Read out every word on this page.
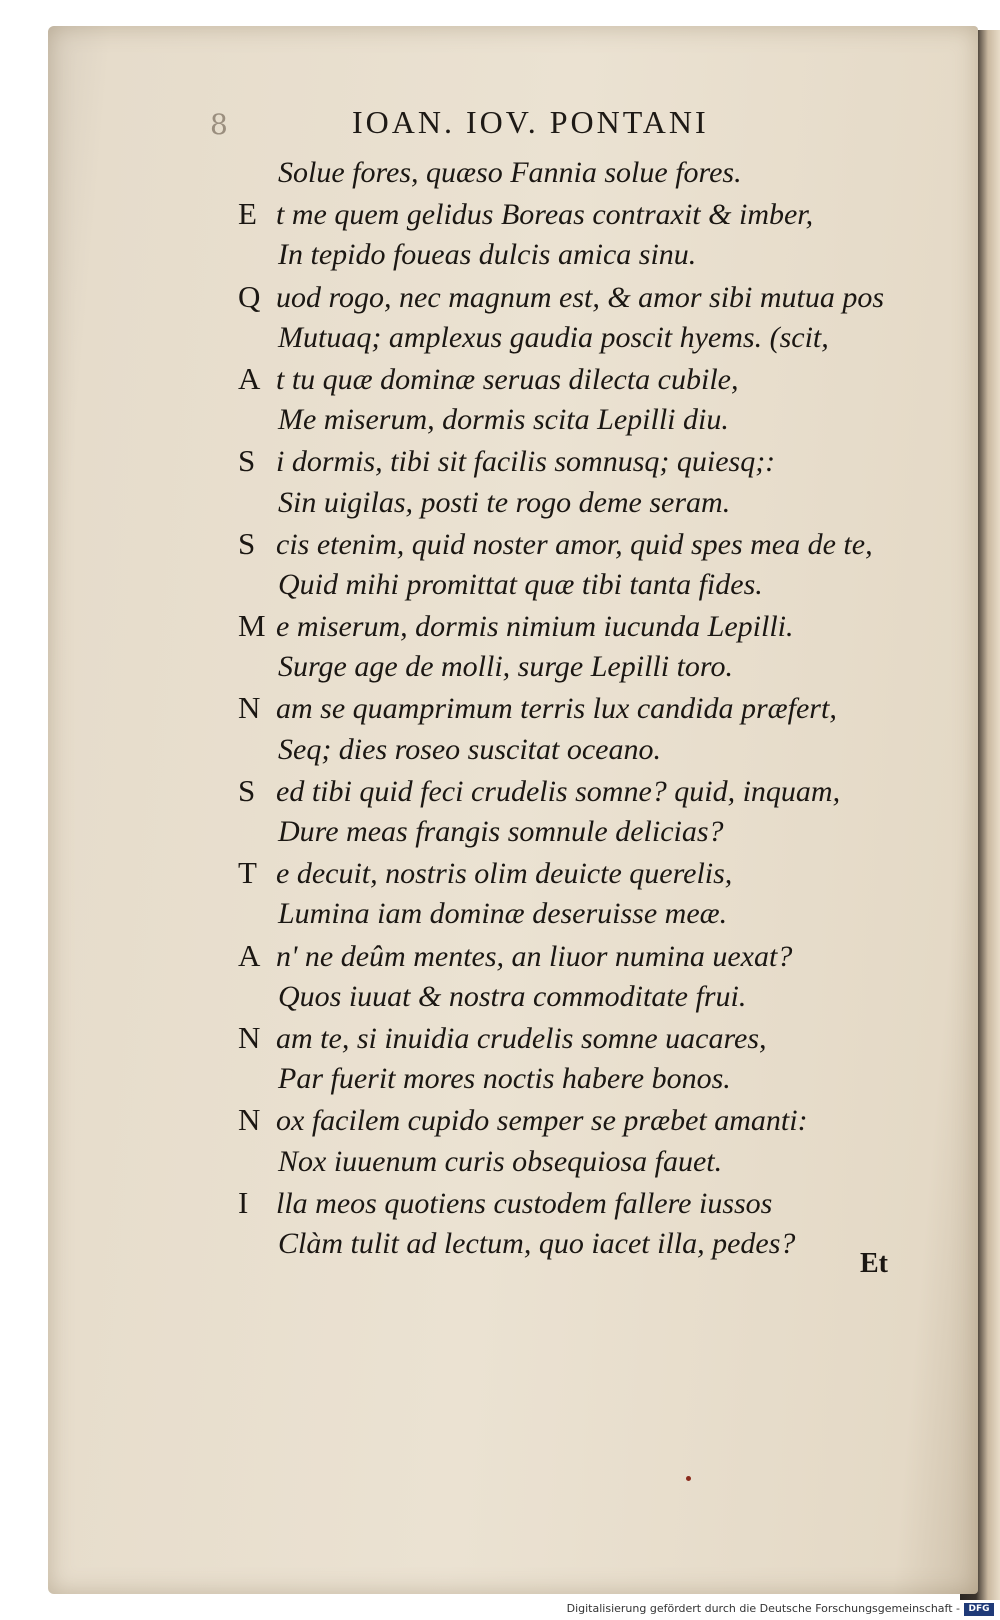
8	IOAN. IOV. PONTANI
Solue fores, quæso Fannia solue fores.
E t me quem gelidus Boreas contraxit & imber,
In tepido foueas dulcis amica sinu.
Q uod rogo, nec magnum est, & amor sibi mutua pos
Mutuaq; amplexus gaudia poscit hyems. (scit,
A t tu quæ dominæ seruas dilecta cubile,
Me miserum, dormis scita Lepilli diu.
S i dormis, tibi sit facilis somnusq; quiesq;:
Sin uigilas, posti te rogo deme seram.
S cis etenim, quid noster amor, quid spes mea de te,
Quid mihi promittat quæ tibi tanta fides.
M e miserum, dormis nimium iucunda Lepilli.
Surge age de molli, surge Lepilli toro.
N am se quamprimum terris lux candida præfert,
Seq; dies roseo suscitat oceano.
S ed tibi quid feci crudelis somne? quid, inquam,
Dure meas frangis somnule delicias?
T e decuit, nostris olim deuicte querelis,
Lumina iam dominæ deseruisse meæ.
A n' ne deûm mentes, an liuor numina uexat?
Quos iuuat & nostra commoditate frui.
N am te, si inuidia crudelis somne uacares,
Par fuerit mores noctis habere bonos.
N ox facilem cupido semper se præbet amanti:
Nox iuuenum curis obsequiosa fauet.
I lla meos quotiens custodem fallere iussos
Clàm tulit ad lectum, quo iacet illa, pedes?
Et
Digitalisierung gefördert durch die Deutsche Forschungsgemeinschaft - DFG
